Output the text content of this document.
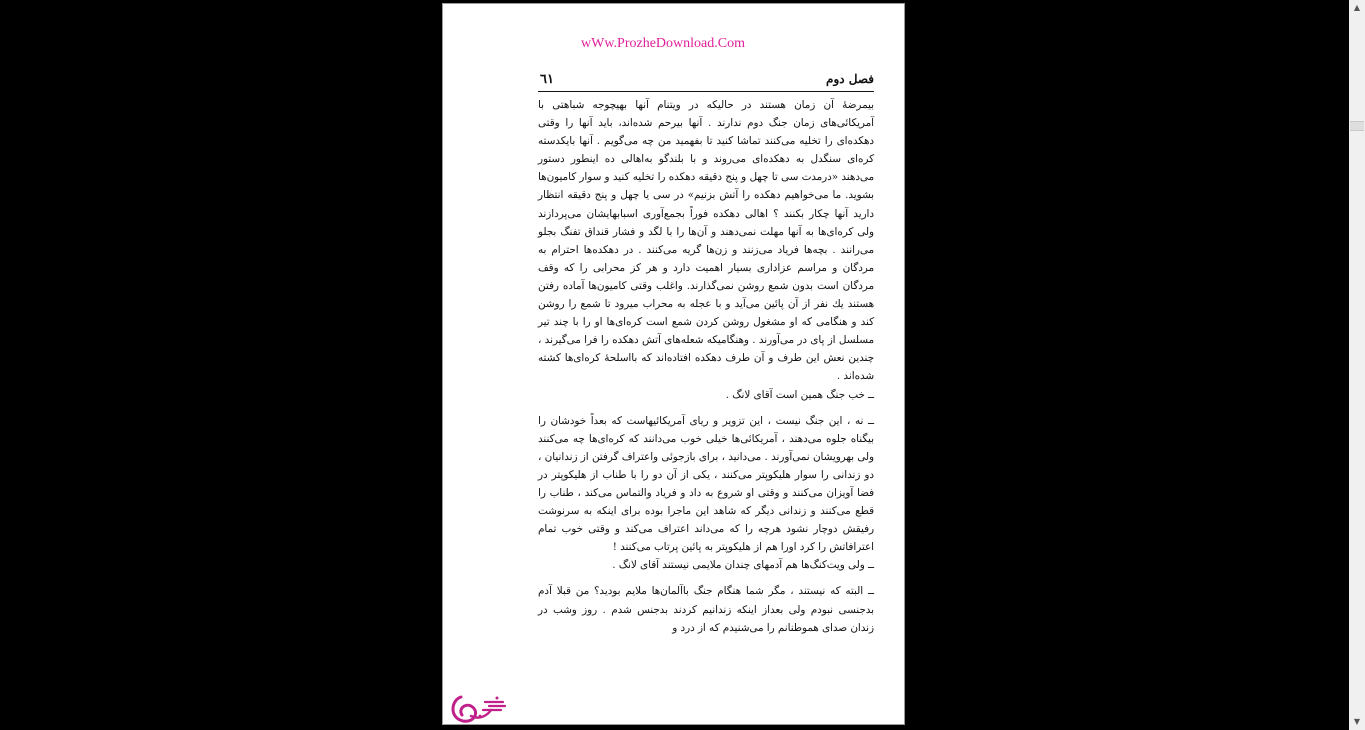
wWw.ProzheDownload.Com
فصل دوم
٦١

بیمرضهٔ آن زمان هستند در حالیکه در ویتنام آنها بهیچوجه شباهتی با آمریکائی‌های زمان جنگ دوم ندارند . آنها بیرحم شده‌اند، باید آنها را وقتی دهکده‌ای را تخلیه می‌کنند تماشا کنید تا بفهمید من چه می‌گویم . آنها بایکدسته کره‌ای سنگدل به دهکده‌ای می‌روند و با بلندگو به‌اهالی ده اینطور دستور می‌دهند «درمدت سی تا چهل و پنج دقیقه دهکده را تخلیه کنید و سوار کامیون‌ها بشوید. ما می‌خواهیم دهکده را آتش بزنیم» در سی یا چهل و پنج دقیقه انتظار دارید آنها چکار بکنند ؟ اهالی دهکده فوراً بجمع‌آوری اسبابهایشان می‌پردازند ولی کره‌ای‌ها به آنها مهلت نمی‌دهند و آن‌ها را با لگد و فشار قنداق تفنگ بجلو می‌رانند . بچه‌ها فریاد می‌زنند و زن‌ها گریه می‌کنند . در دهکده‌ها احترام به مردگان و مراسم عزاداری بسیار اهمیت دارد و هر کز محرابی را که وقف مردگان است بدون شمع روشن نمی‌گذارند. واغلب وقتی کامیون‌ها آماده رفتن هستند یك نفر از آن پائین می‌آید و با عجله به محراب میرود تا شمع را روشن کند و هنگامی که او مشغول روشن کردن شمع است کره‌ای‌ها او را با چند تیر مسلسل از پای در می‌آورند . وهنگامیکه شعله‌های آتش دهکده را فرا می‌گیرند ، چندین نعش این طرف و آن طرف دهکده افتاده‌اند که بااسلحهٔ کره‌ای‌ها کشته شده‌اند .

ــ خب جنگ همین است آقای لانگ .

ــ نه ، این جنگ نیست ، این تزویر و ریای آمریکائیهاست که بعداً خودشان را بیگناه جلوه می‌دهند ، آمریکائی‌ها خیلی خوب می‌دانند که کره‌ای‌ها چه می‌کنند ولی بهرویشان نمی‌آورند . می‌دانید ، برای بازجوئی واعتراف گرفتن از زندانیان ، دو زندانی را سوار هلیکوپتر می‌کنند ، یکی از آن دو را با طناب از هلیکوپتر در فضا آویزان می‌کنند و وقتی او شروع به داد و فریاد والتماس می‌کند ، طناب را قطع می‌کنند و زندانی دیگر که شاهد این ماجرا بوده برای اینکه به سرنوشت رفیقش دوچار نشود هرچه را که می‌داند اعتراف می‌کند و وقتی خوب تمام اعترافاتش را کرد اورا هم از هلیکوپتر به پائین پرتاب می‌کنند !

ــ ولی ویت‌کنگ‌ها هم آدمهای چندان ملایمی نیستند آقای لانگ .

ــ البته که نیستند ، مگر شما هنگام جنگ باآلمان‌ها ملایم بودید؟ من قبلا آدم بدجنسی نبودم ولی بعداز اینکه زندانیم کردند بدجنس شدم . روز وشب در زندان صدای هموطنانم را می‌شنیدم که از درد و

▲
▼
